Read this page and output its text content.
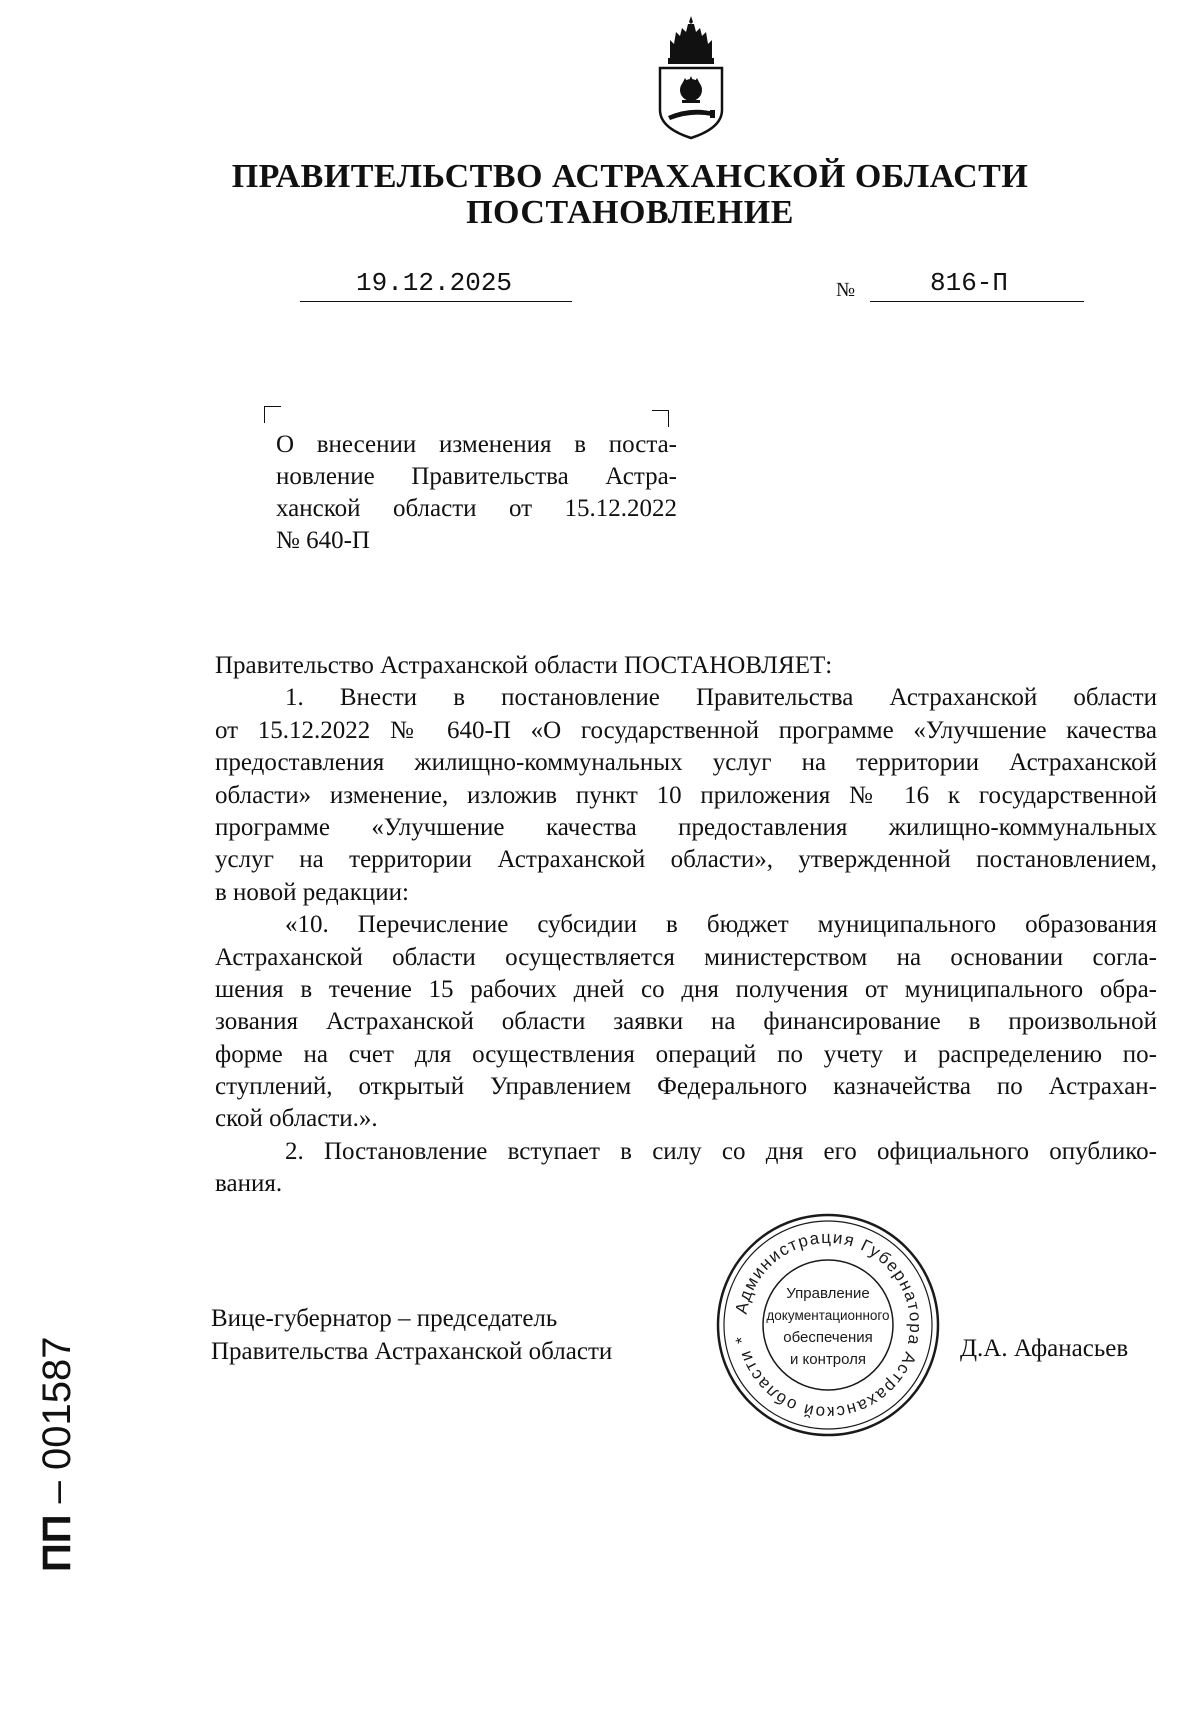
ПРАВИТЕЛЬСТВО АСТРАХАНСКОЙ ОБЛАСТИ
ПОСТАНОВЛЕНИЕ
19.12.2025	№	816-П
О внесении изменения в поста-
новление Правительства Астра-
ханской области от 15.12.2022
№ 640-П
Правительство Астраханской области ПОСТАНОВЛЯЕТ:
1. Внести в постановление Правительства Астраханской области
от 15.12.2022 № 640-П «О государственной программе «Улучшение качества
предоставления жилищно-коммунальных услуг на территории Астраханской
области» изменение, изложив пункт 10 приложения № 16 к государственной
программе «Улучшение качества предоставления жилищно-коммунальных
услуг на территории Астраханской области», утвержденной постановлением,
в новой редакции:
«10. Перечисление субсидии в бюджет муниципального образования
Астраханской области осуществляется министерством на основании согла-
шения в течение 15 рабочих дней со дня получения от муниципального обра-
зования Астраханской области заявки на финансирование в произвольной
форме на счет для осуществления операций по учету и распределению по-
ступлений, открытый Управлением Федерального казначейства по Астрахан-
ской области.».
2. Постановление вступает в силу со дня его официального опублико-
вания.
Вице-губернатор – председатель
Правительства Астраханской области
Администрация Губернатора Астраханской области *
Управление
документационного
обеспечения
и контроля	Д.А. Афанасьев
ПП – 001587
